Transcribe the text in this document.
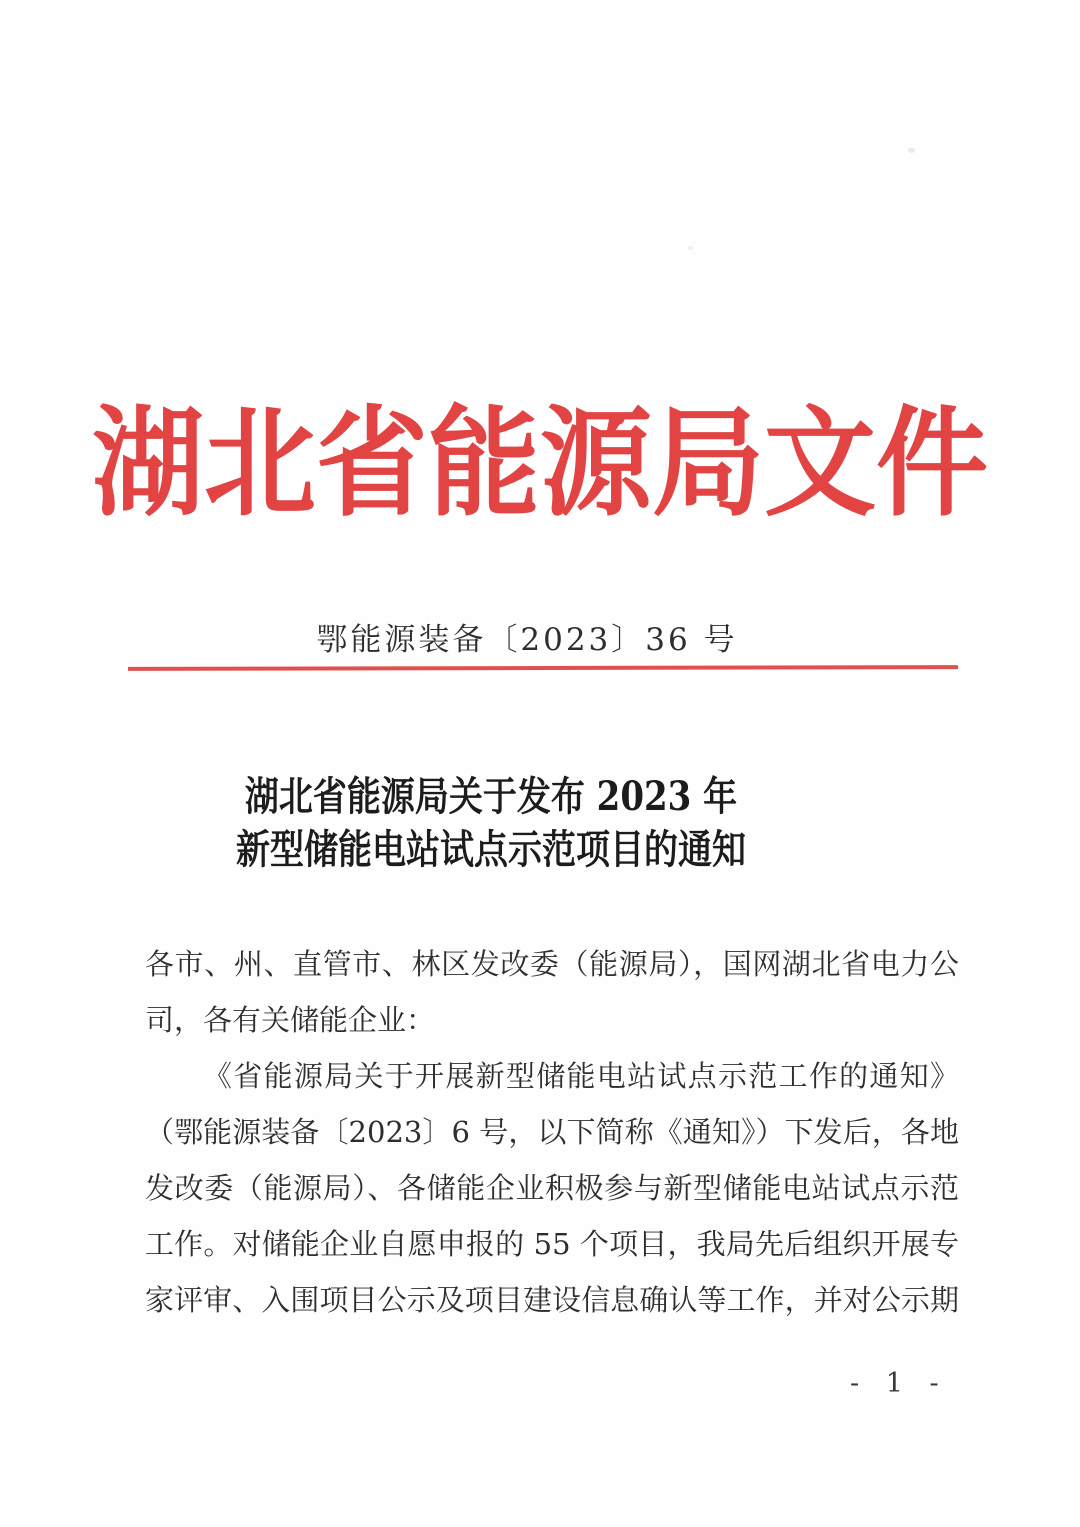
湖北省能源局文件
鄂能源装备〔2023〕36 号
湖北省能源局关于发布 2023 年
新型储能电站试点示范项目的通知
各市、州、直管市、林区发改委（能源局），国网湖北省电力公
司，各有关储能企业：
《省能源局关于开展新型储能电站试点示范工作的通知》
（鄂能源装备〔2023〕6 号，以下简称《通知》）下发后，各地
发改委（能源局）、各储能企业积极参与新型储能电站试点示范
工作。对储能企业自愿申报的 55 个项目，我局先后组织开展专
家评审、入围项目公示及项目建设信息确认等工作，并对公示期
- 1 -
